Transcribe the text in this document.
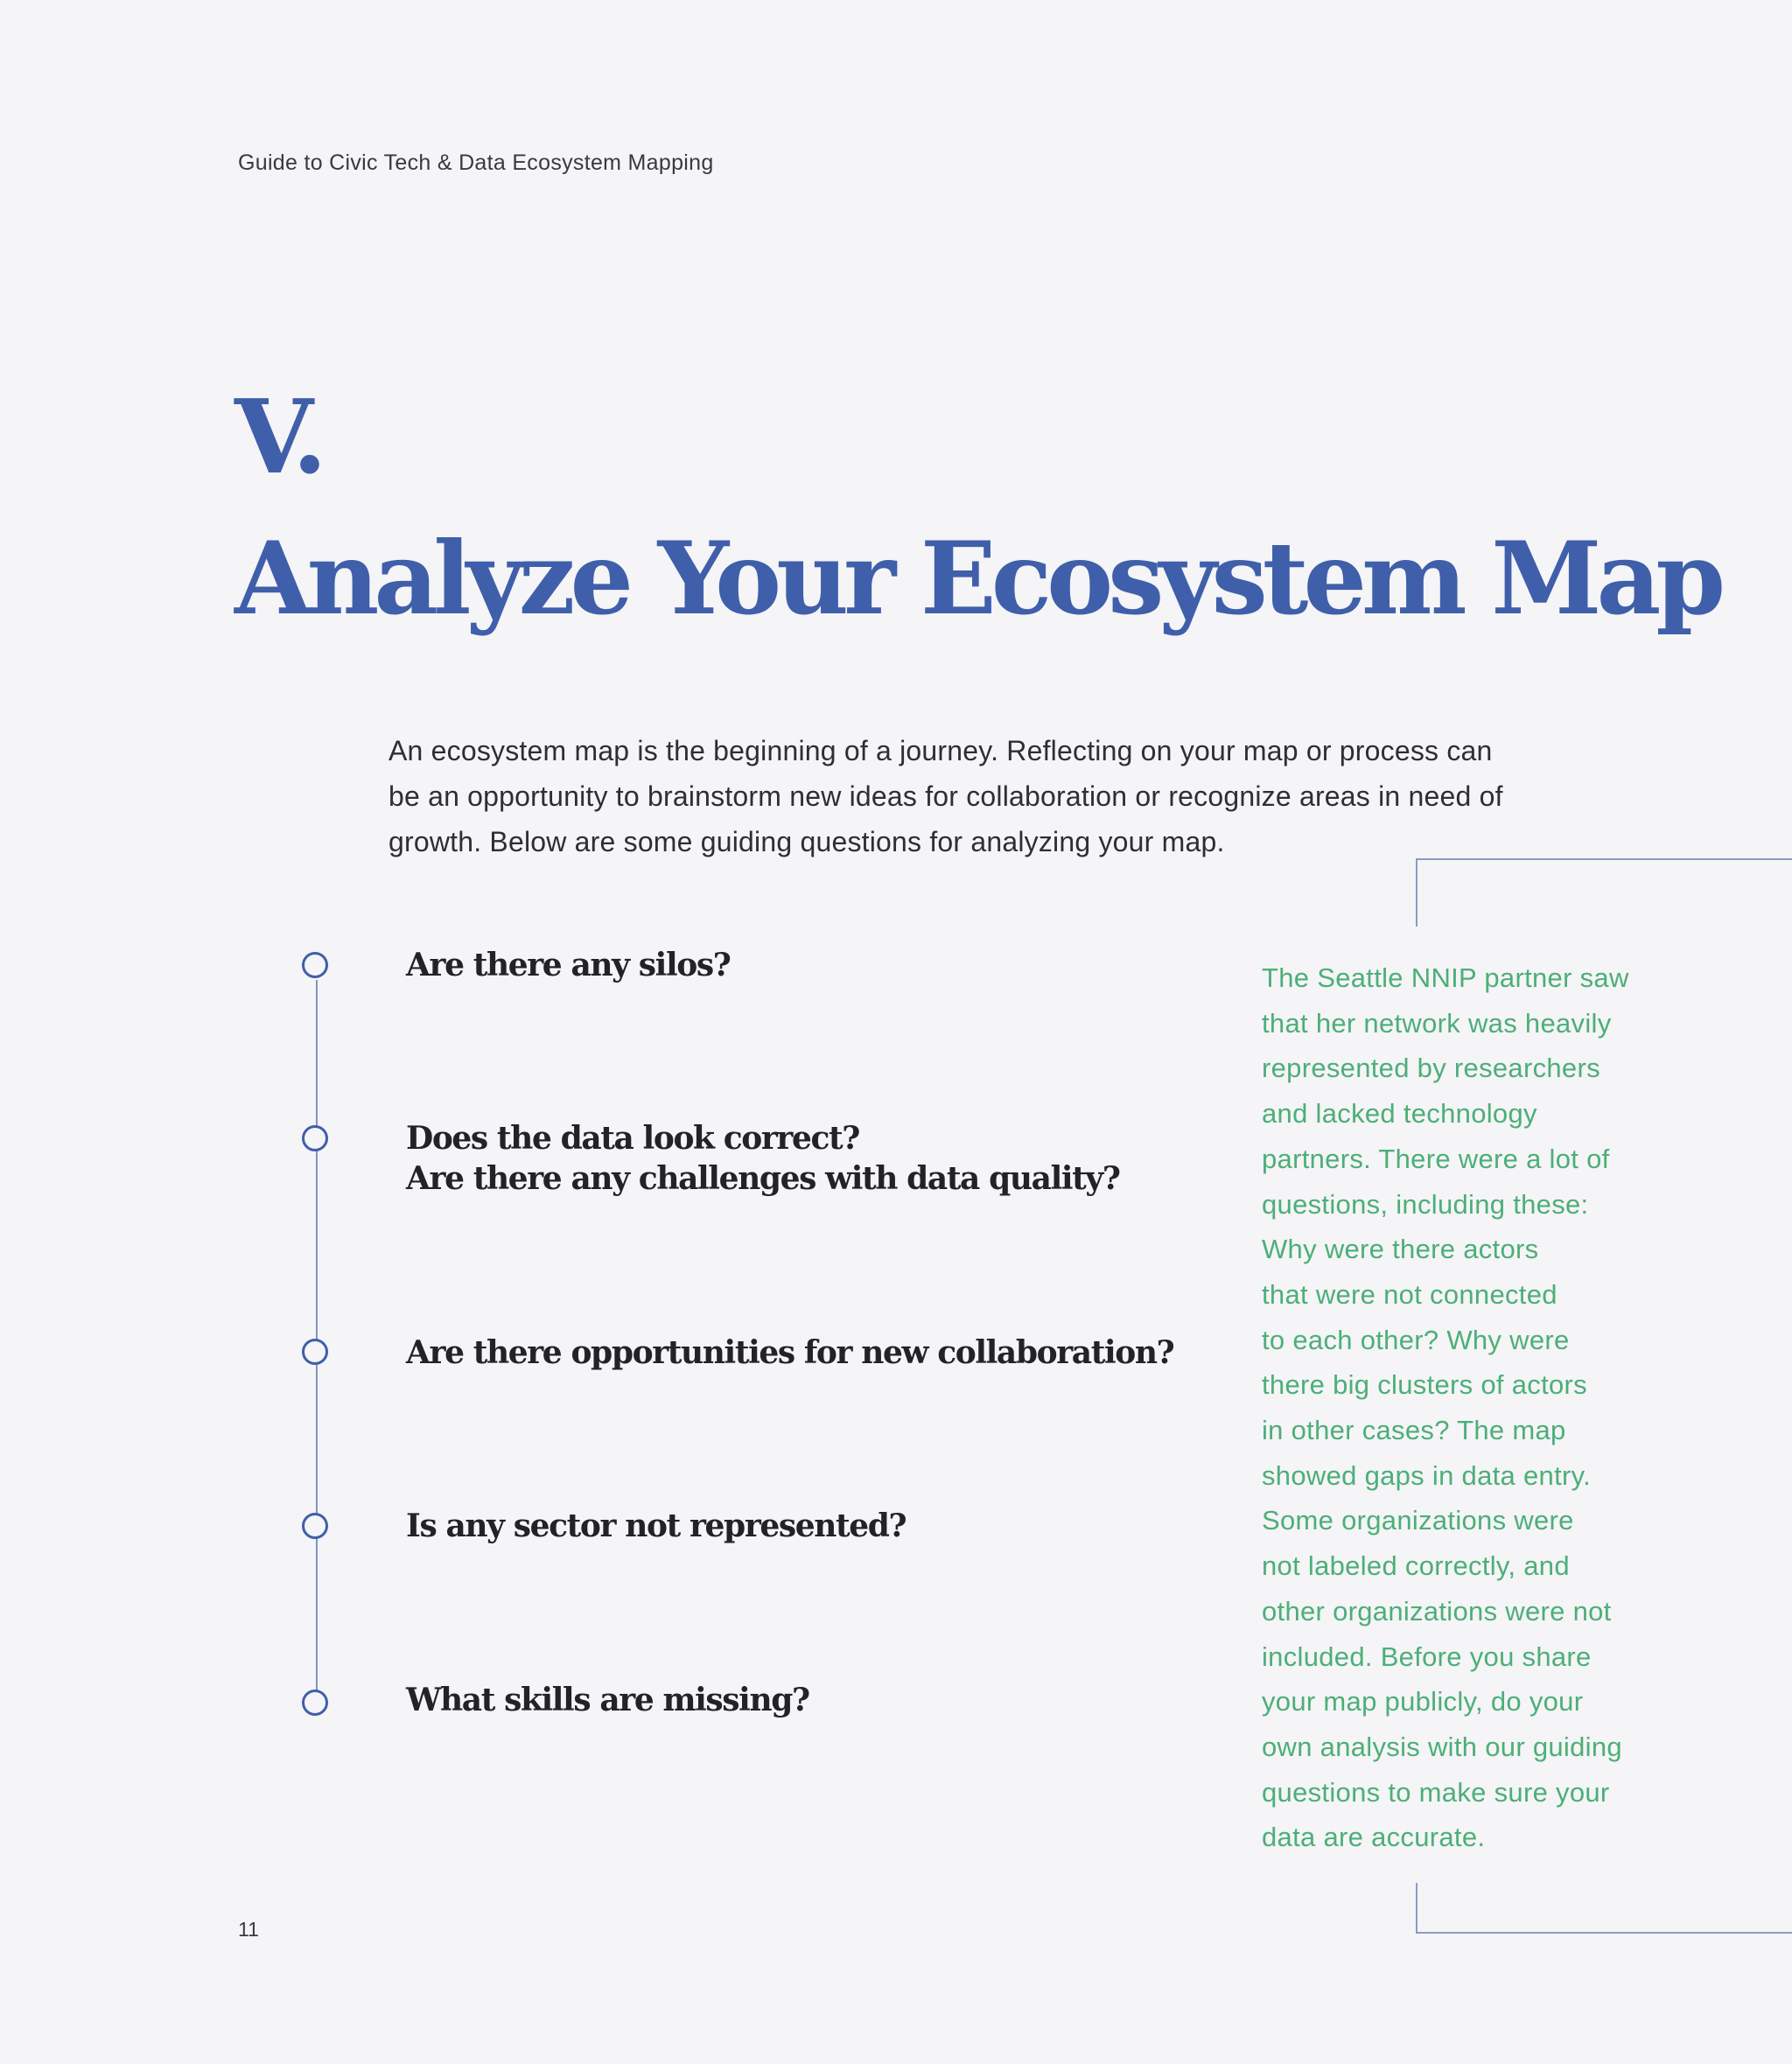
Guide to Civic Tech & Data Ecosystem Mapping
V.
Analyze Your Ecosystem Map
An ecosystem map is the beginning of a journey. Reflecting on your map or process can
be an opportunity to brainstorm new ideas for collaboration or recognize areas in need of
growth. Below are some guiding questions for analyzing your map.
Are there any silos?
Does the data look correct?
Are there any challenges with data quality?
Are there opportunities for new collaboration?
Is any sector not represented?
What skills are missing?
The Seattle NNIP partner saw
that her network was heavily
represented by researchers
and lacked technology
partners. There were a lot of
questions, including these:
Why were there actors
that were not connected
to each other? Why were
there big clusters of actors
in other cases? The map
showed gaps in data entry.
Some organizations were
not labeled correctly, and
other organizations were not
included. Before you share
your map publicly, do your
own analysis with our guiding
questions to make sure your
data are accurate.
11
